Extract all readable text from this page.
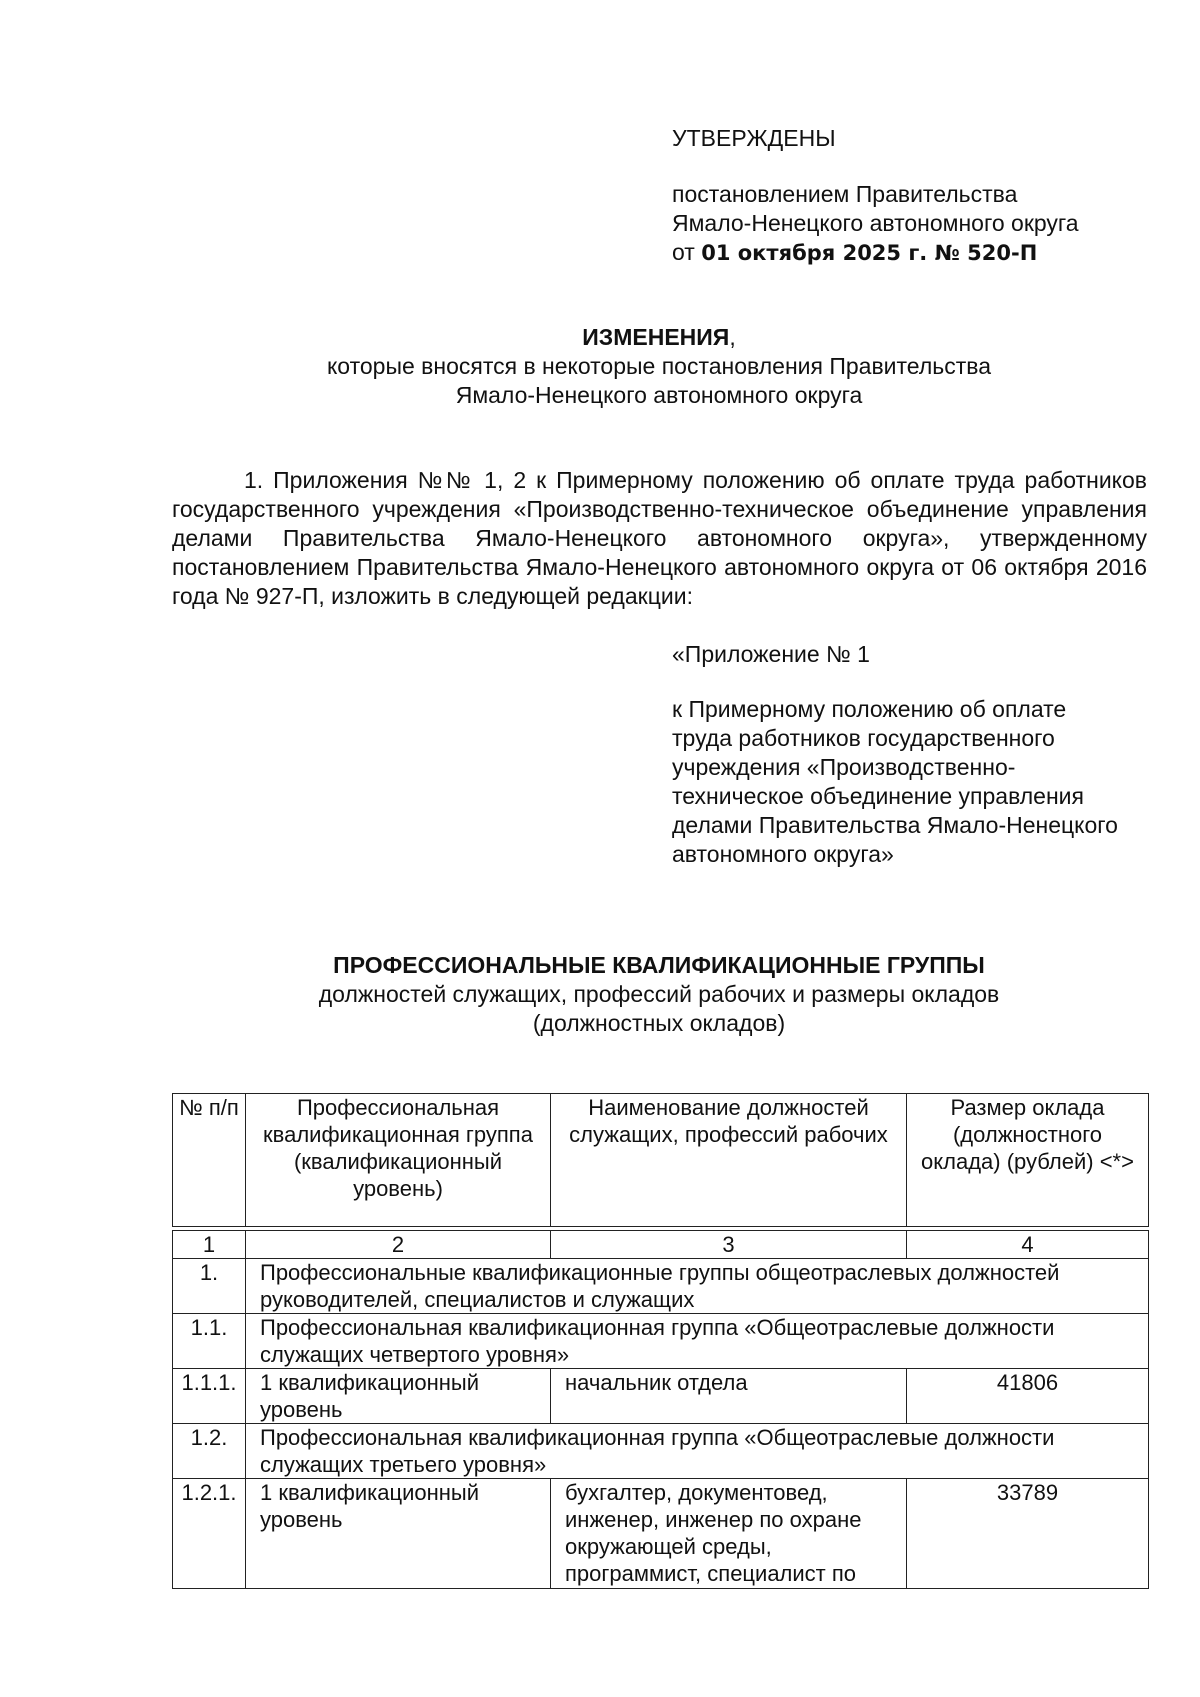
УТВЕРЖДЕНЫ
постановлением Правительства
Ямало-Ненецкого автономного округа
от 01 октября 2025 г. № 520-П
ИЗМЕНЕНИЯ,
которые вносятся в некоторые постановления Правительства
Ямало-Ненецкого автономного округа
1. Приложения №№ 1, 2 к Примерному положению об оплате труда работников государственного учреждения «Производственно-техническое объединение управления делами Правительства Ямало-Ненецкого автономного округа», утвержденному постановлением Правительства Ямало-Ненецкого автономного округа от 06 октября 2016 года № 927-П, изложить в следующей редакции:
«Приложение № 1
к Примерному положению об оплате труда работников государственного учреждения «Производственно-техническое объединение управления делами Правительства Ямало-Ненецкого автономного округа»
ПРОФЕССИОНАЛЬНЫЕ КВАЛИФИКАЦИОННЫЕ ГРУППЫ
должностей служащих, профессий рабочих и размеры окладов
(должностных окладов)
№ п/п	Профессиональная квалификационная группа (квалификационный уровень)	Наименование должностей служащих, профессий рабочих	Размер оклада (должностного оклада) (рублей) <*>
1	2	3	4
1.	Профессиональные квалификационные группы общеотраслевых должностей руководителей, специалистов и служащих		
1.1.	Профессиональная квалификационная группа «Общеотраслевые должности служащих четвертого уровня»		
1.1.1.	1 квалификационный уровень	начальник отдела	41806
1.2.	Профессиональная квалификационная группа «Общеотраслевые должности служащих третьего уровня»		
1.2.1.	1 квалификационный уровень	бухгалтер, документовед, инженер, инженер по охране окружающей среды, программист, специалист по	33789
